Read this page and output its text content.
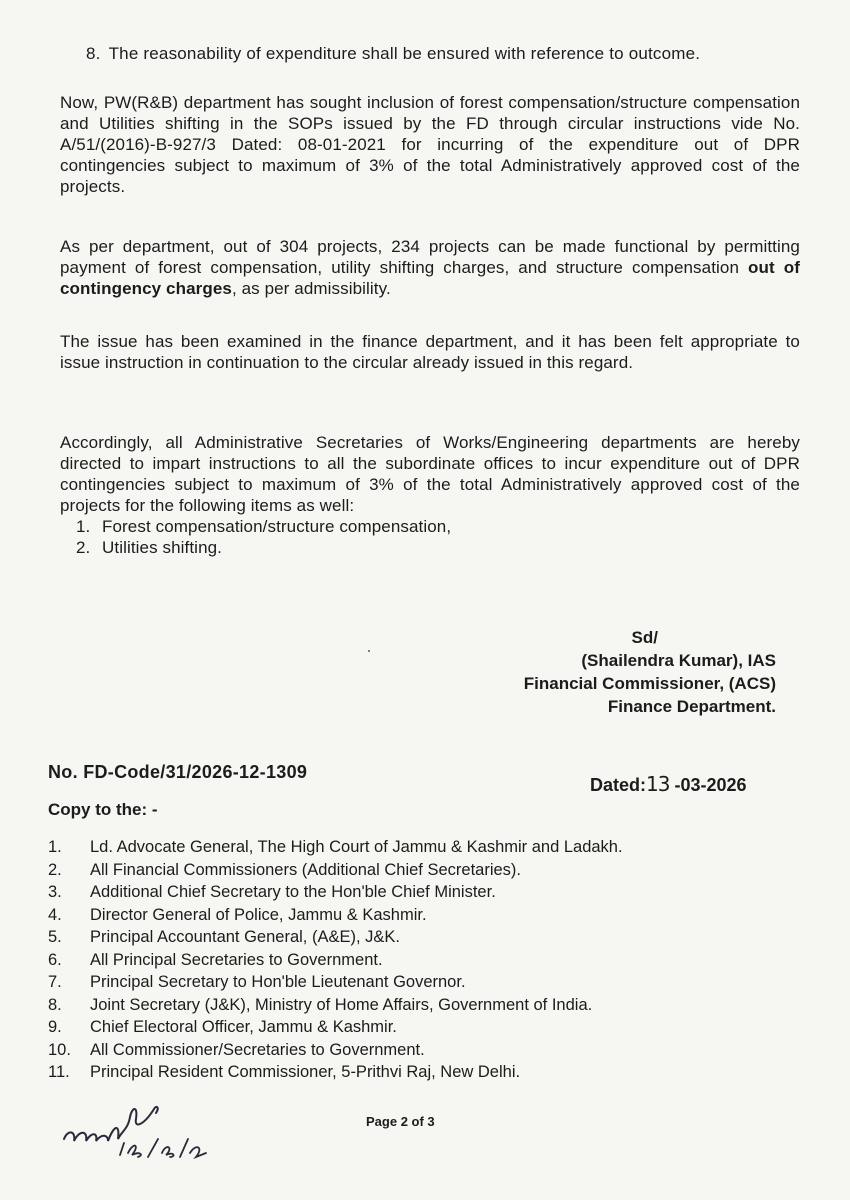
8. The reasonability of expenditure shall be ensured with reference to outcome.
Now, PW(R&B) department has sought inclusion of forest compensation/structure compensation and Utilities shifting in the SOPs issued by the FD through circular instructions vide No. A/51/(2016)-B-927/3 Dated: 08-01-2021 for incurring of the expenditure out of DPR contingencies subject to maximum of 3% of the total Administratively approved cost of the projects.
As per department, out of 304 projects, 234 projects can be made functional by permitting payment of forest compensation, utility shifting charges, and structure compensation out of contingency charges, as per admissibility.
The issue has been examined in the finance department, and it has been felt appropriate to issue instruction in continuation to the circular already issued in this regard.
Accordingly, all Administrative Secretaries of Works/Engineering departments are hereby directed to impart instructions to all the subordinate offices to incur expenditure out of DPR contingencies subject to maximum of 3% of the total Administratively approved cost of the projects for the following items as well:
1. Forest compensation/structure compensation,
2. Utilities shifting.
Sd/
(Shailendra Kumar), IAS
Financial Commissioner, (ACS)
Finance Department.
No. FD-Code/31/2026-12-1309
Dated:13 -03-2026
Copy to the: -
1. Ld. Advocate General, The High Court of Jammu & Kashmir and Ladakh.
2. All Financial Commissioners (Additional Chief Secretaries).
3. Additional Chief Secretary to the Hon'ble Chief Minister.
4. Director General of Police, Jammu & Kashmir.
5. Principal Accountant General, (A&E), J&K.
6. All Principal Secretaries to Government.
7. Principal Secretary to Hon'ble Lieutenant Governor.
8. Joint Secretary (J&K), Ministry of Home Affairs, Government of India.
9. Chief Electoral Officer, Jammu & Kashmir.
10. All Commissioner/Secretaries to Government.
11. Principal Resident Commissioner, 5-Prithvi Raj, New Delhi.
Page 2 of 3
